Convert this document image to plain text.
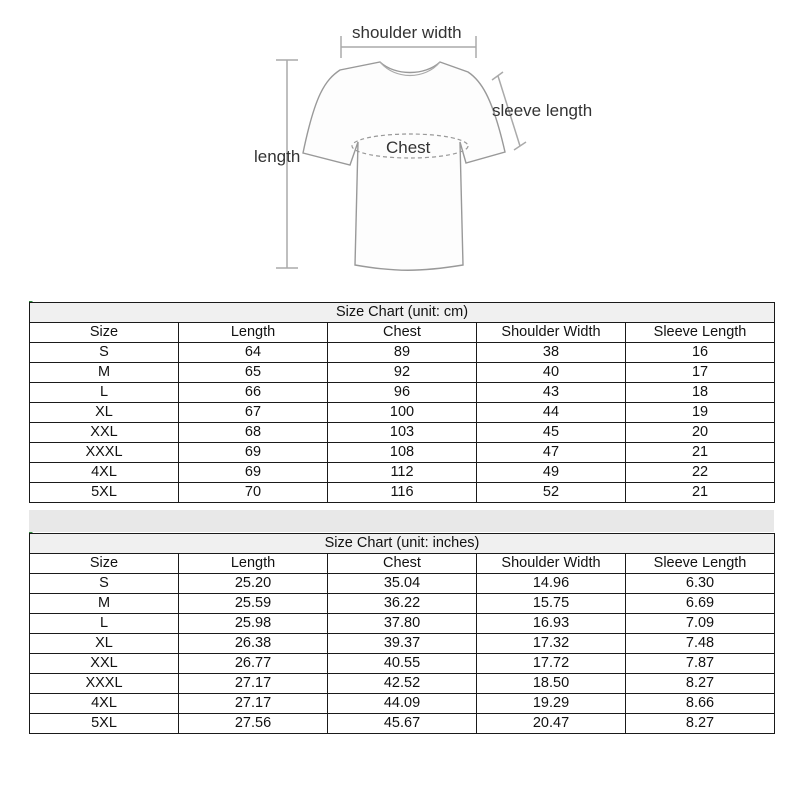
shoulder width
sleeve length
length	Chest
Size Chart (unit: cm)				
Size	Length	Chest	Shoulder Width	Sleeve Length
S	64	89	38	16
M	65	92	40	17
L	66	96	43	18
XL	67	100	44	19
XXL	68	103	45	20
XXXL	69	108	47	21
4XL	69	112	49	22
5XL	70	116	52	21
Size Chart (unit: inches)				
Size	Length	Chest	Shoulder Width	Sleeve Length
S	25.20	35.04	14.96	6.30
M	25.59	36.22	15.75	6.69
L	25.98	37.80	16.93	7.09
XL	26.38	39.37	17.32	7.48
XXL	26.77	40.55	17.72	7.87
XXXL	27.17	42.52	18.50	8.27
4XL	27.17	44.09	19.29	8.66
5XL	27.56	45.67	20.47	8.27
